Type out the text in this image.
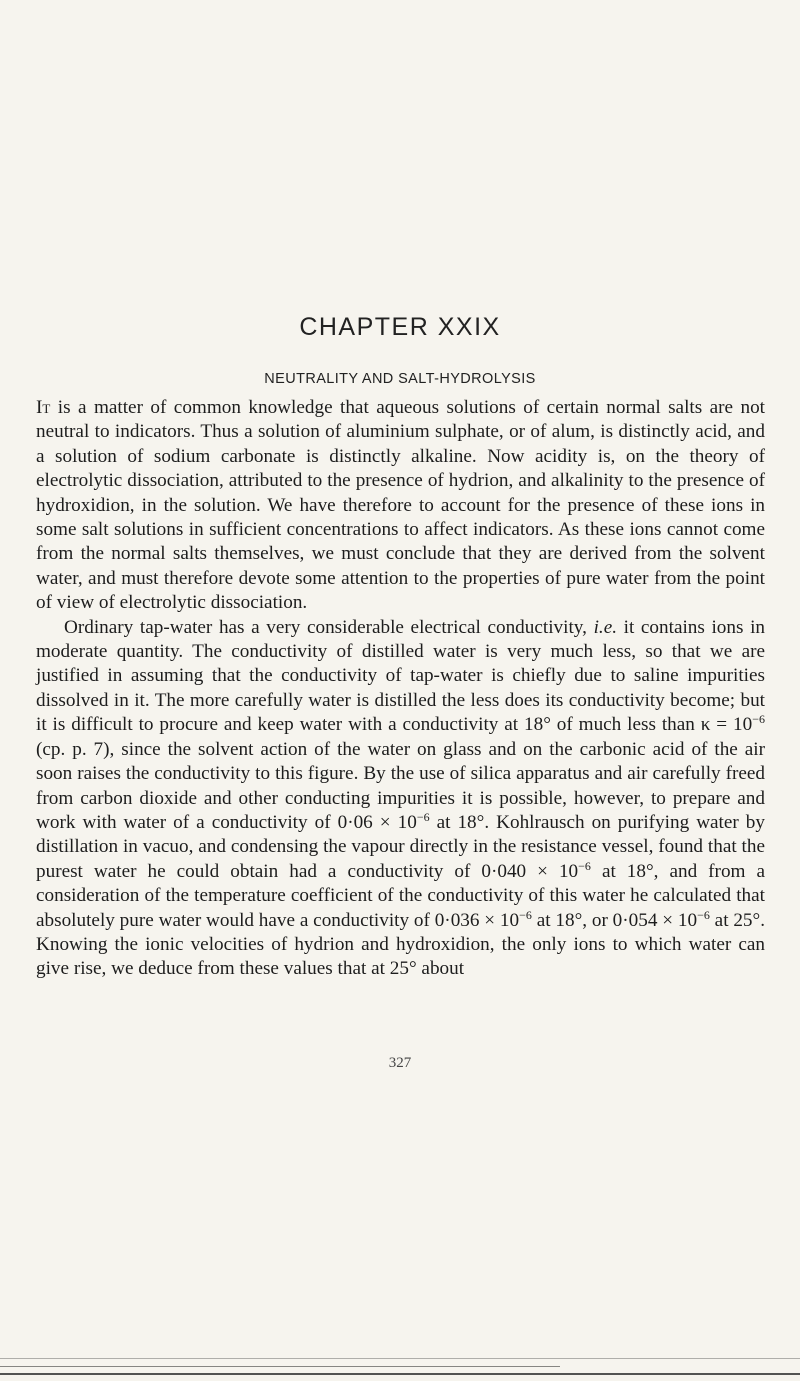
CHAPTER XXIX
NEUTRALITY AND SALT-HYDROLYSIS

It is a matter of common knowledge that aqueous solutions of certain normal salts are not neutral to indicators. Thus a solution of aluminium sulphate, or of alum, is distinctly acid, and a solution of sodium carbonate is distinctly alkaline. Now acidity is, on the theory of electrolytic dissociation, attributed to the presence of hydrion, and alkalinity to the presence of hydroxidion, in the solution. We have therefore to account for the presence of these ions in some salt solutions in sufficient concentrations to affect indicators. As these ions cannot come from the normal salts themselves, we must conclude that they are derived from the solvent water, and must therefore devote some attention to the properties of pure water from the point of view of electrolytic dissociation.

Ordinary tap-water has a very considerable electrical conductivity, i.e. it contains ions in moderate quantity. The conductivity of distilled water is very much less, so that we are justified in assuming that the conductivity of tap-water is chiefly due to saline impurities dissolved in it. The more carefully water is distilled the less does its conductivity become; but it is difficult to procure and keep water with a conductivity at 18° of much less than $\kappa = 10^{-6}$ (cp. p. 7), since the solvent action of the water on glass and on the carbonic acid of the air soon raises the conductivity to this figure. By the use of silica apparatus and air carefully freed from carbon dioxide and other conducting impurities it is possible, however, to prepare and work with water of a conductivity of $0\cdot 06 \times 10^{-6}$ at 18°. Kohlrausch on purifying water by distillation in vacuo, and condensing the vapour directly in the resistance vessel, found that the purest water he could obtain had a conductivity of $0\cdot 040 \times 10^{-6}$ at 18°, and from a consideration of the temperature coefficient of the conductivity of this water he calculated that absolutely pure water would have a conductivity of $0\cdot 036 \times 10^{-6}$ at 18°, or $0\cdot 054 \times 10^{-6}$ at 25°. Knowing the ionic velocities of hydrion and hydroxidion, the only ions to which water can give rise, we deduce from these values that at 25° about

327
